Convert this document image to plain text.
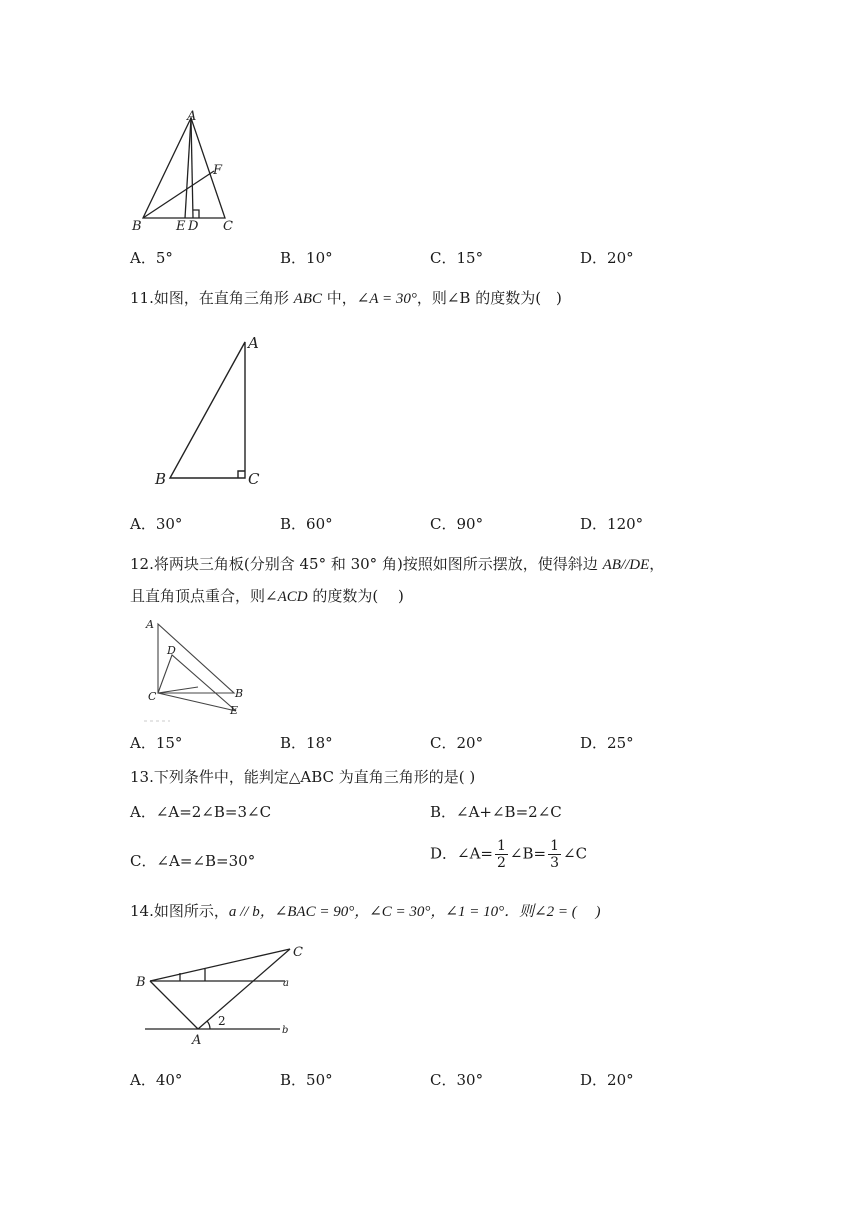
A
F
B	E D C
A．5°	B．10°	C．15°	D．20°
11.如图，在直角三角形 ABC 中，∠A = 30°，则∠B 的度数为(　)
A
B	C
A．30°	B．60°	C．90°	D．120°
12.将两块三角板(分别含 45° 和 30° 角)按照如图所示摆放，使得斜边 AB//DE，
且直角顶点重合，则∠ACD 的度数为(　 )
A
D
C	B
E
A．15°	B．18°	C．20°	D．25°
13.下列条件中，能判定△ABC 为直角三角形的是( )
A．∠A=2∠B=3∠C	B．∠A+∠B=2∠C
C．∠A=∠B=30°	D．∠A= $\frac{1}{2}$ ∠B= $\frac{1}{3}$ ∠C
14.如图所示，a // b，∠BAC = 90°，∠C = 30°，∠1 = 10°．则∠2 = (　 )
C
B	a
2
b
A
A．40°	B．50°	C．30°	D．20°
